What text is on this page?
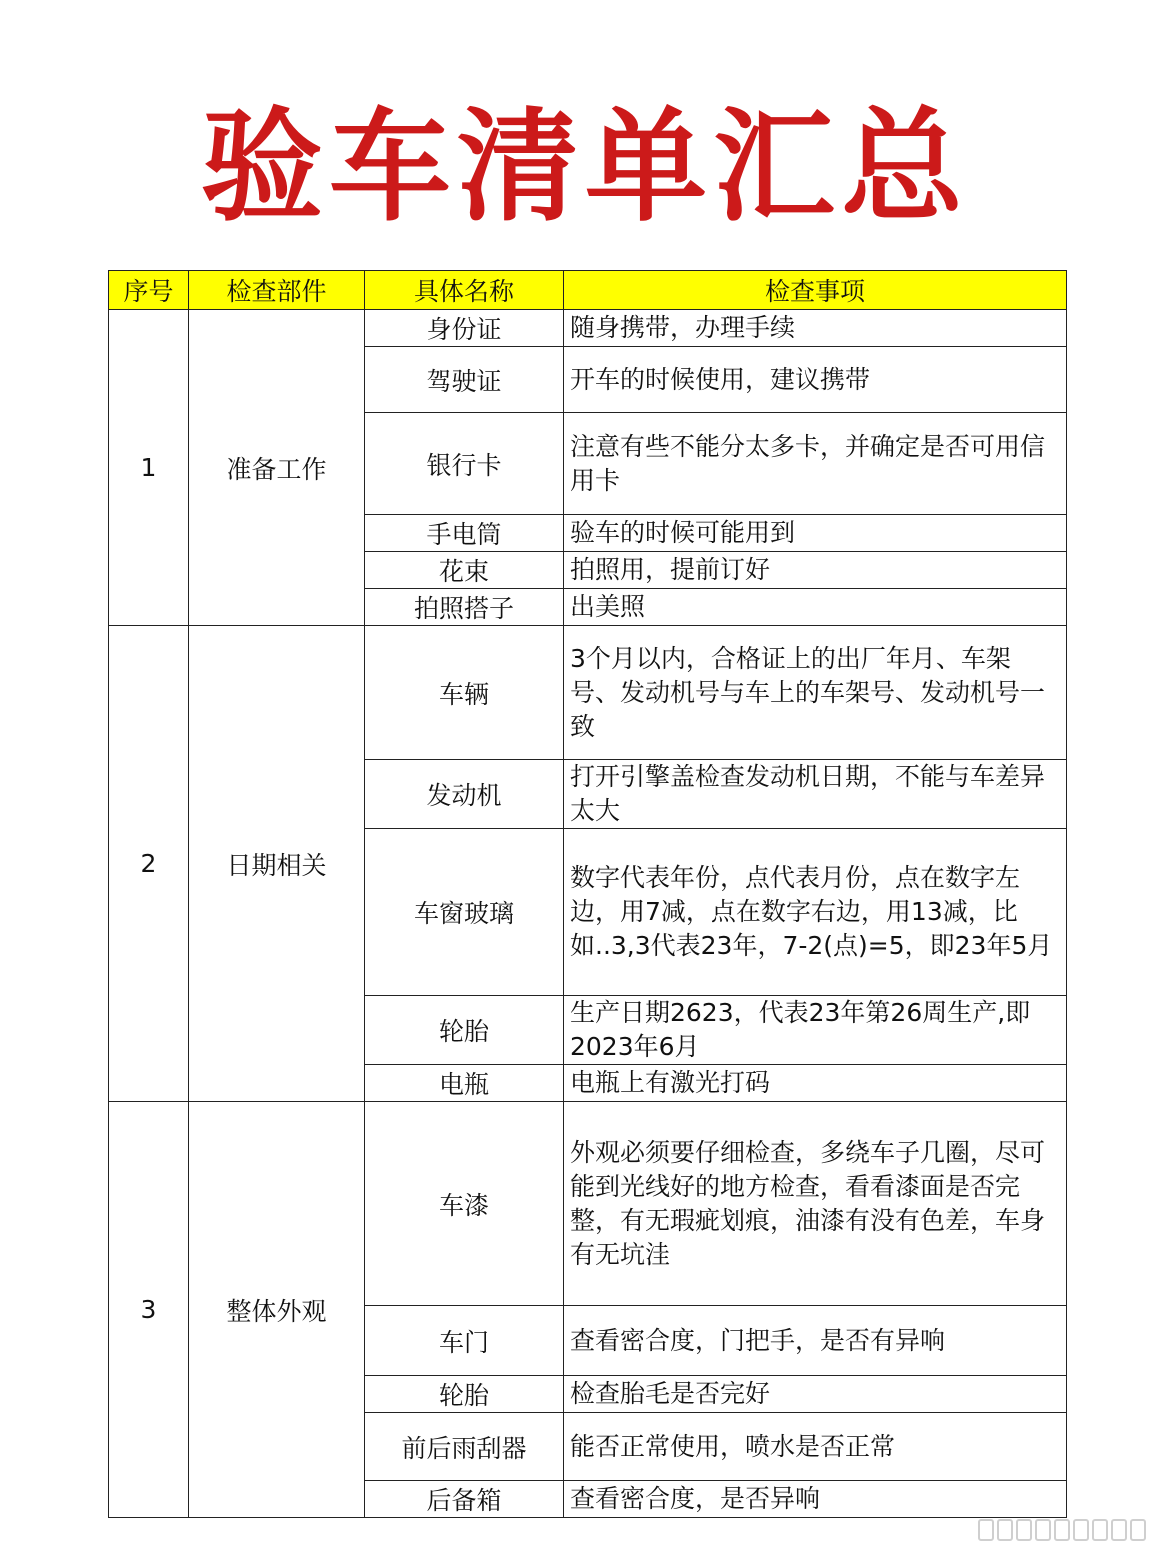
验车清单汇总
序号	检查部件	具体名称	检查事项
1	准备工作	身份证	随身携带，办理手续
		驾驶证	开车的时候使用，建议携带
		银行卡	注意有些不能分太多卡，并确定是否可用信用卡
		手电筒	验车的时候可能用到
		花束	拍照用，提前订好
		拍照搭子	出美照
2	日期相关	车辆	3个月以内，合格证上的出厂年月、车架号、发动机号与车上的车架号、发动机号一致
		发动机	打开引擎盖检查发动机日期，不能与车差异太大
		车窗玻璃	数字代表年份，点代表月份，点在数字左边，用7减，点在数字右边，用13减，比如..3,3代表23年，7-2(点)=5，即23年5月
		轮胎	生产日期2623，代表23年第26周生产,即2023年6月
		电瓶	电瓶上有激光打码
3	整体外观	车漆	外观必须要仔细检查，多绕车子几圈，尽可能到光线好的地方检查，看看漆面是否完整，有无瑕疵划痕，油漆有没有色差，车身有无坑洼
		车门	查看密合度，门把手，是否有异响
		轮胎	检查胎毛是否完好
		前后雨刮器	能否正常使用，喷水是否正常
		后备箱	查看密合度，是否异响
